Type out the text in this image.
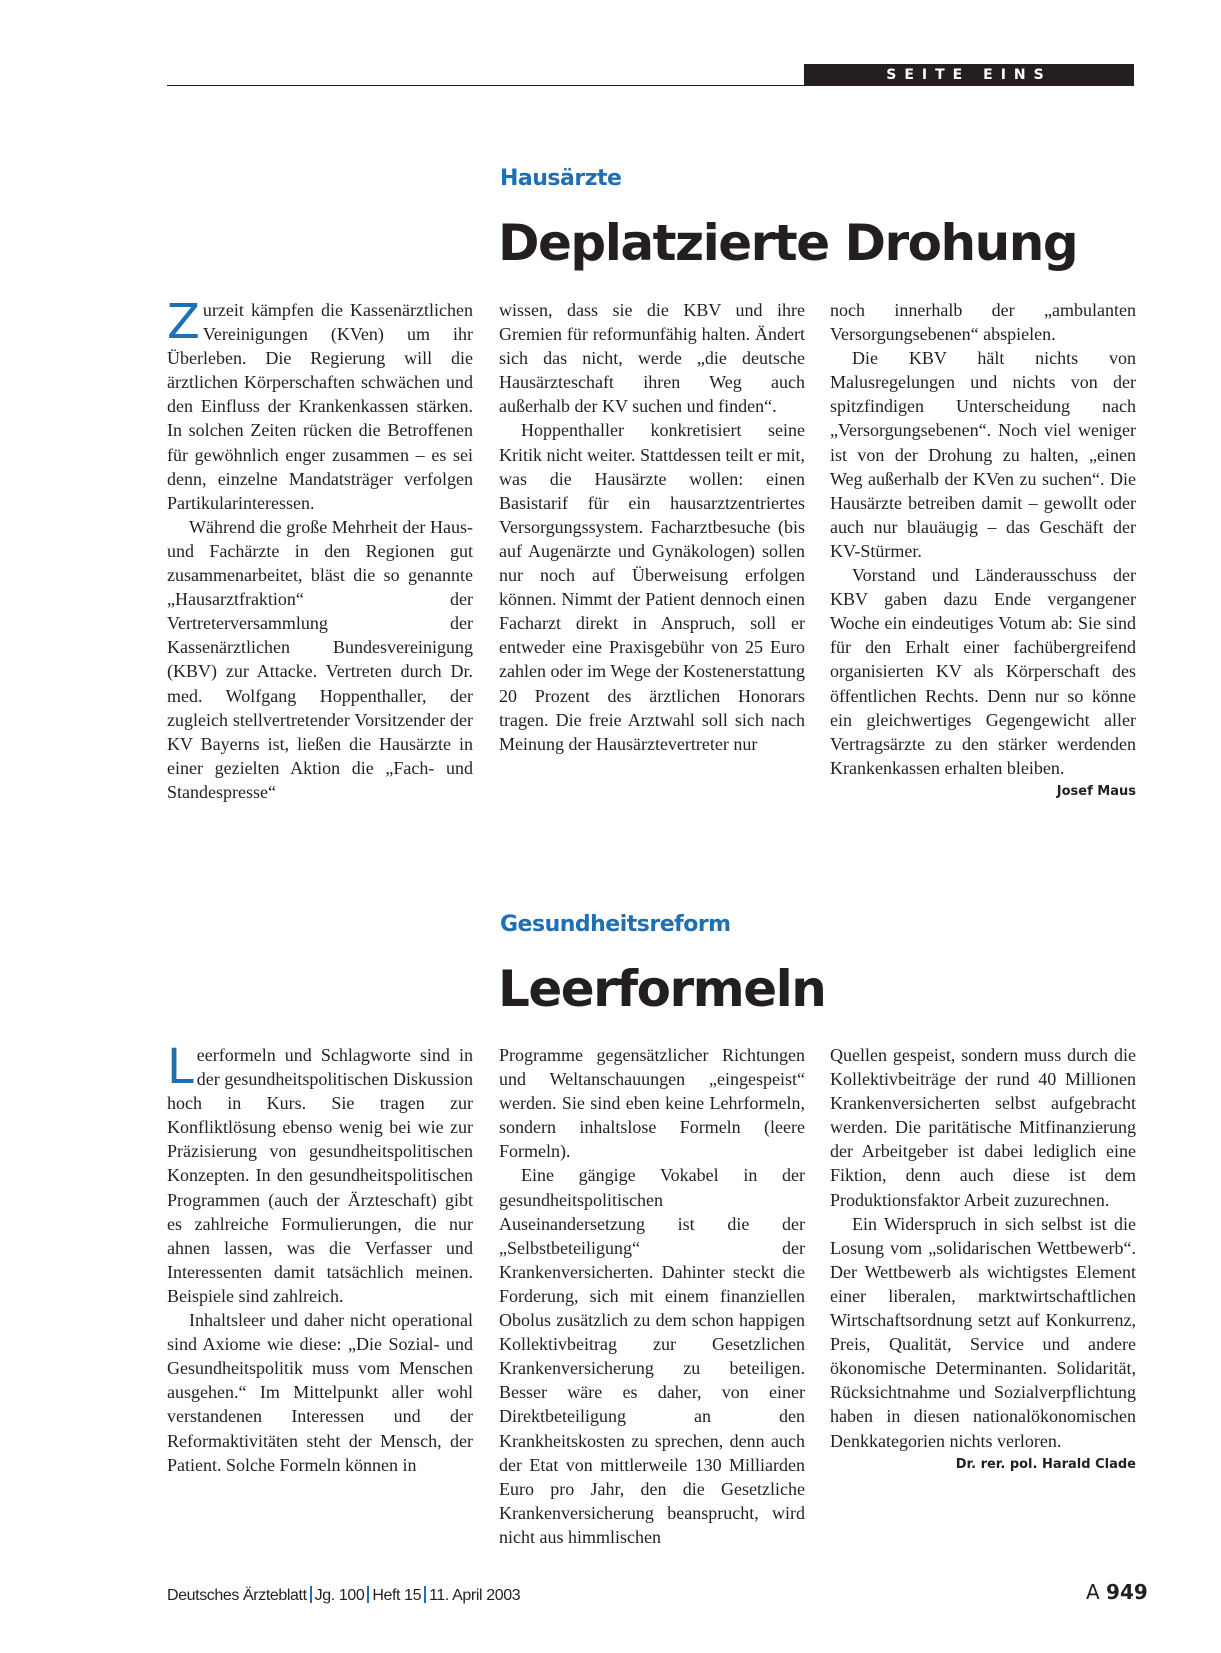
SEITE EINS
Hausärzte
Deplatzierte Drohung

Zurzeit kämpfen die Kassenärztlichen Vereinigungen (KVen) um ihr Überleben. Die Regierung will die ärztlichen Körperschaften schwächen und den Einfluss der Krankenkassen stärken. In solchen Zeiten rücken die Betroffenen für gewöhnlich enger zusammen – es sei denn, einzelne Mandatsträger verfolgen Partikularinteressen.

Während die große Mehrheit der Haus- und Fachärzte in den Regionen gut zusammenarbeitet, bläst die so genannte „Hausarztfraktion“ der Vertreterversammlung der Kassenärztlichen Bundesvereinigung (KBV) zur Attacke. Vertreten durch Dr. med. Wolfgang Hoppenthaller, der zugleich stellvertretender Vorsitzender der KV Bayerns ist, ließen die Hausärzte in einer gezielten Aktion die „Fach- und Standespresse“

wissen, dass sie die KBV und ihre Gremien für reformunfähig halten. Ändert sich das nicht, werde „die deutsche Hausärzteschaft ihren Weg auch außerhalb der KV suchen und finden“.

Hoppenthaller konkretisiert seine Kritik nicht weiter. Stattdessen teilt er mit, was die Hausärzte wollen: einen Basistarif für ein hausarztzentriertes Versorgungssystem. Facharztbesuche (bis auf Augenärzte und Gynäkologen) sollen nur noch auf Überweisung erfolgen können. Nimmt der Patient dennoch einen Facharzt direkt in Anspruch, soll er entweder eine Praxisgebühr von 25 Euro zahlen oder im Wege der Kostenerstattung 20 Prozent des ärztlichen Honorars tragen. Die freie Arztwahl soll sich nach Meinung der Hausärztevertreter nur

noch innerhalb der „ambulanten Versorgungsebenen“ abspielen.

Die KBV hält nichts von Malusregelungen und nichts von der spitzfindigen Unterscheidung nach „Versorgungsebenen“. Noch viel weniger ist von der Drohung zu halten, „einen Weg außerhalb der KVen zu suchen“. Die Hausärzte betreiben damit – gewollt oder auch nur blauäugig – das Geschäft der KV-Stürmer.

Vorstand und Länderausschuss der KBV gaben dazu Ende vergangener Woche ein eindeutiges Votum ab: Sie sind für den Erhalt einer fachübergreifend organisierten KV als Körperschaft des öffentlichen Rechts. Denn nur so könne ein gleichwertiges Gegengewicht aller Vertragsärzte zu den stärker werdenden Krankenkassen erhalten bleiben.
Josef Maus

Gesundheitsreform
Leerformeln

Leerformeln und Schlagworte sind in der gesundheitspolitischen Diskussion hoch in Kurs. Sie tragen zur Konfliktlösung ebenso wenig bei wie zur Präzisierung von gesundheitspolitischen Konzepten. In den gesundheitspolitischen Programmen (auch der Ärzteschaft) gibt es zahlreiche Formulierungen, die nur ahnen lassen, was die Verfasser und Interessenten damit tatsächlich meinen. Beispiele sind zahlreich.

Inhaltsleer und daher nicht operational sind Axiome wie diese: „Die Sozial- und Gesundheitspolitik muss vom Menschen ausgehen.“ Im Mittelpunkt aller wohl verstandenen Interessen und der Reformaktivitäten steht der Mensch, der Patient. Solche Formeln können in

Programme gegensätzlicher Richtungen und Weltanschauungen „eingespeist“ werden. Sie sind eben keine Lehrformeln, sondern inhaltslose Formeln (leere Formeln).

Eine gängige Vokabel in der gesundheitspolitischen Auseinandersetzung ist die der „Selbstbeteiligung“ der Krankenversicherten. Dahinter steckt die Forderung, sich mit einem finanziellen Obolus zusätzlich zu dem schon happigen Kollektivbeitrag zur Gesetzlichen Krankenversicherung zu beteiligen. Besser wäre es daher, von einer Direktbeteiligung an den Krankheitskosten zu sprechen, denn auch der Etat von mittlerweile 130 Milliarden Euro pro Jahr, den die Gesetzliche Krankenversicherung beansprucht, wird nicht aus himmlischen

Quellen gespeist, sondern muss durch die Kollektivbeiträge der rund 40 Millionen Krankenversicherten selbst aufgebracht werden. Die paritätische Mitfinanzierung der Arbeitgeber ist dabei lediglich eine Fiktion, denn auch diese ist dem Produktionsfaktor Arbeit zuzurechnen.

Ein Widerspruch in sich selbst ist die Losung vom „solidarischen Wettbewerb“. Der Wettbewerb als wichtigstes Element einer liberalen, marktwirtschaftlichen Wirtschaftsordnung setzt auf Konkurrenz, Preis, Qualität, Service und andere ökonomische Determinanten. Solidarität, Rücksichtnahme und Sozialverpflichtung haben in diesen nationalökonomischen Denkkategorien nichts verloren.
Dr. rer. pol. Harald Clade

Deutsches Ärzteblatt Jg. 100 Heft 15 11. April 2003	A 949
